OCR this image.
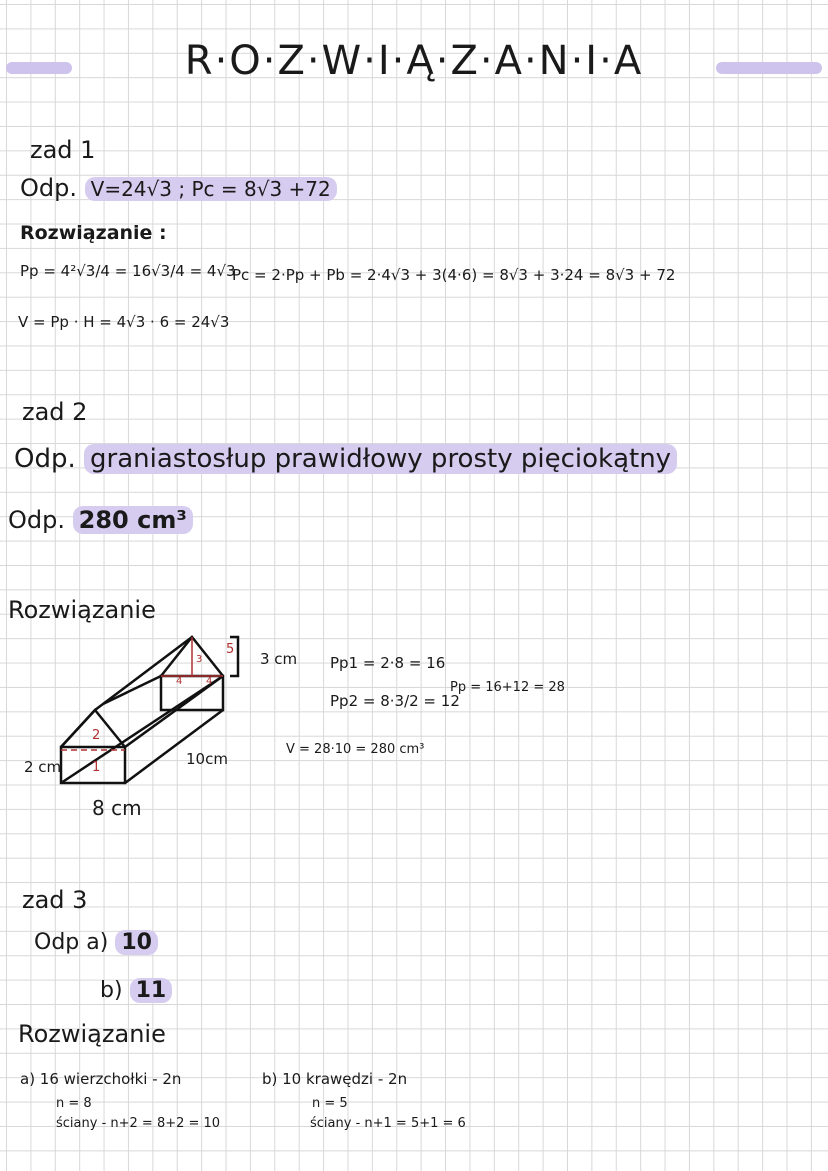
R·O·Z·W·I·Ą·Z·A·N·I·A
zad 1
Odp. V=24√3 ; Pc = 8√3 +72
Rozwiązanie :
Pp = 4²√3/4 = 16√3/4 = 4√3
Pc = 2·Pp + Pb = 2·4√3 + 3(4·6) = 8√3 + 3·24 = 8√3 + 72
V = Pp · H = 4√3 · 6 = 24√3
zad 2
Odp. graniastosłup prawidłowy prosty pięciokątny
Odp. 280 cm³
Rozwiązanie
5
3
4 4
2
1
3 cm
2 cm	10cm
8 cm
Pp1 = 2·8 = 16
Pp2 = 8·3/2 = 12
Pp = 16+12 = 28
V = 28·10 = 280 cm³
zad 3
Odp a) 10
b) 11
Rozwiązanie
a) 16 wierzchołki - 2n
n = 8
ściany - n+2 = 8+2 = 10
b) 10 krawędzi - 2n
n = 5
ściany - n+1 = 5+1 = 6
